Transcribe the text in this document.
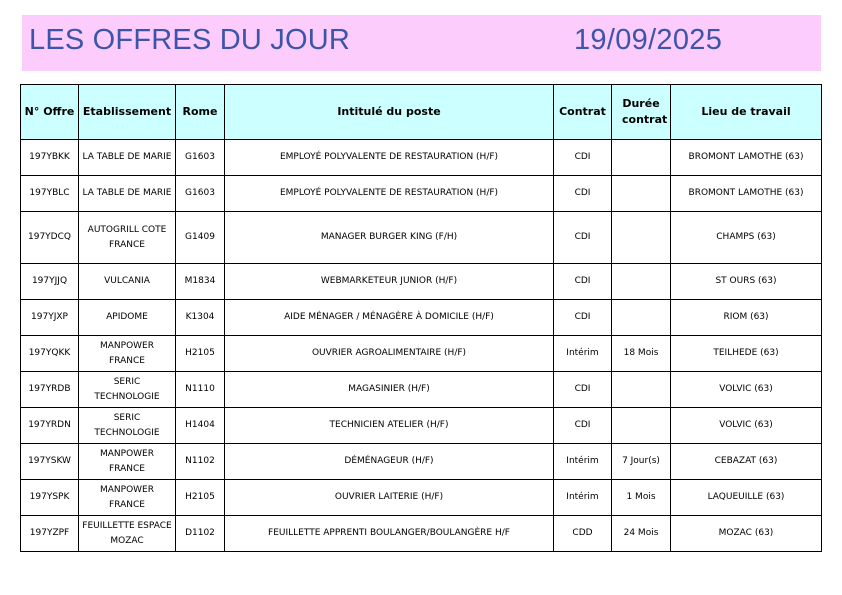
LES OFFRES DU JOUR	19/09/2025
N° Offre	Etablissement	Rome	Intitulé du poste	Contrat	Durée contrat	Lieu de travail
197YBKK	LA TABLE DE MARIE	G1603	EMPLOYÉ POLYVALENTE DE RESTAURATION (H/F)	CDI		BROMONT LAMOTHE (63)
197YBLC	LA TABLE DE MARIE	G1603	EMPLOYÉ POLYVALENTE DE RESTAURATION (H/F)	CDI		BROMONT LAMOTHE (63)
197YDCQ	AUTOGRILL COTE FRANCE	G1409	MANAGER BURGER KING (F/H)	CDI		CHAMPS (63)
197YJJQ	VULCANIA	M1834	WEBMARKETEUR JUNIOR (H/F)	CDI		ST OURS (63)
197YJXP	APIDOME	K1304	AIDE MÉNAGER / MÉNAGÈRE À DOMICILE (H/F)	CDI		RIOM (63)
197YQKK	MANPOWER FRANCE	H2105	OUVRIER AGROALIMENTAIRE (H/F)	Intérim	18 Mois	TEILHEDE (63)
197YRDB	SERIC TECHNOLOGIE	N1110	MAGASINIER (H/F)	CDI		VOLVIC (63)
197YRDN	SERIC TECHNOLOGIE	H1404	TECHNICIEN ATELIER (H/F)	CDI		VOLVIC (63)
197YSKW	MANPOWER FRANCE	N1102	DÉMÉNAGEUR (H/F)	Intérim	7 Jour(s)	CEBAZAT (63)
197YSPK	MANPOWER FRANCE	H2105	OUVRIER LAITERIE (H/F)	Intérim	1 Mois	LAQUEUILLE (63)
197YZPF	FEUILLETTE ESPACE MOZAC	D1102	FEUILLETTE APPRENTI BOULANGER/BOULANGÈRE H/F	CDD	24 Mois	MOZAC (63)
